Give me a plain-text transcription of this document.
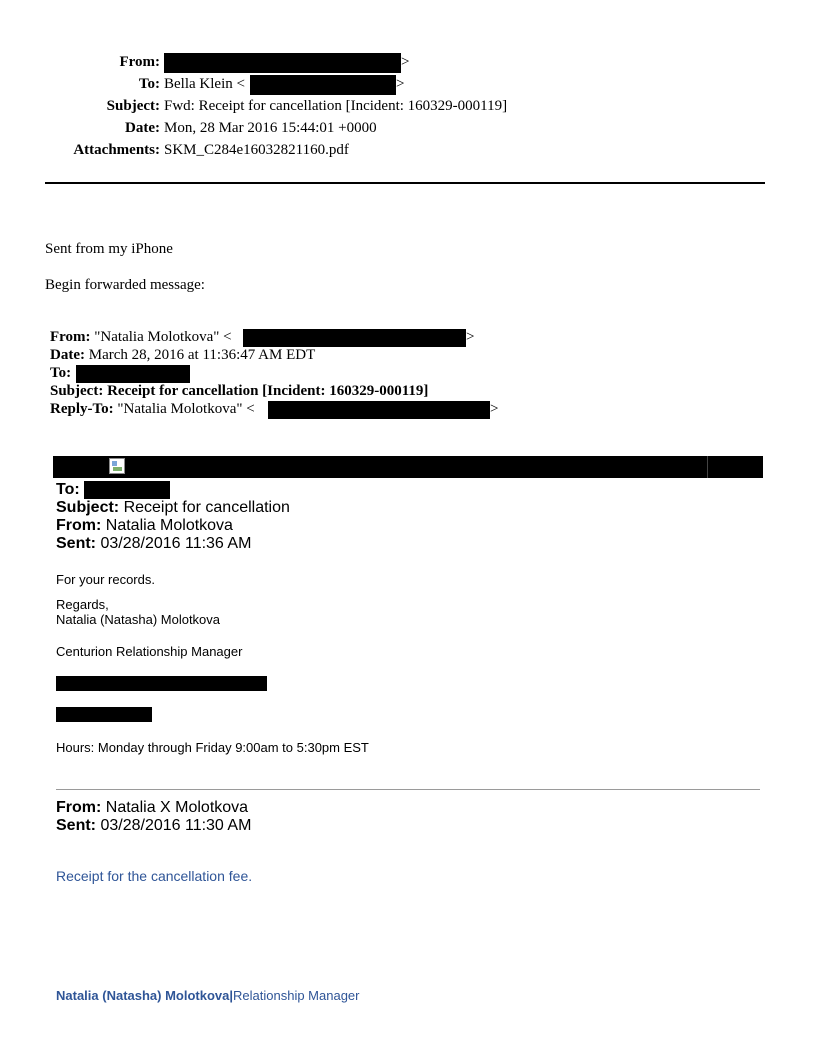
From:	>
To: Bella Klein <	>
Subject: Fwd: Receipt for cancellation [Incident: 160329-000119]
Date: Mon, 28 Mar 2016 15:44:01 +0000
Attachments: SKM_C284e16032821160.pdf
Sent from my iPhone
Begin forwarded message:
From: "Natalia Molotkova" <	>
Date: March 28, 2016 at 11:36:47 AM EDT
To:
Subject: Receipt for cancellation [Incident: 160329-000119]
Reply-To: "Natalia Molotkova" <	>
To:
Subject: Receipt for cancellation
From: Natalia Molotkova
Sent: 03/28/2016 11:36 AM
For your records.
Regards,
Natalia (Natasha) Molotkova
Centurion Relationship Manager
Hours: Monday through Friday 9:00am to 5:30pm EST
From: Natalia X Molotkova
Sent: 03/28/2016 11:30 AM
Receipt for the cancellation fee.
Natalia (Natasha) Molotkova|Relationship Manager
